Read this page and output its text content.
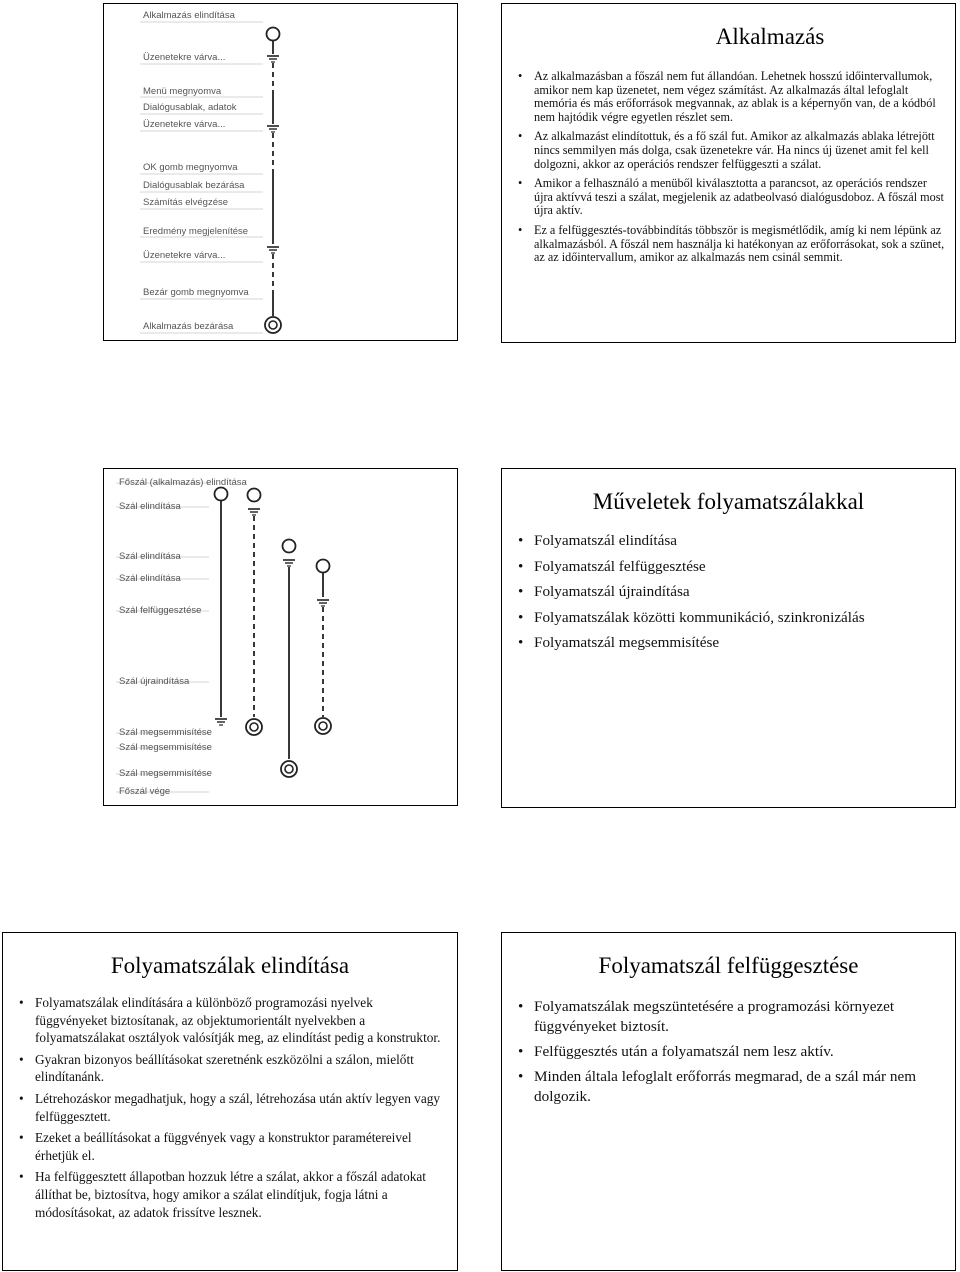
Alkalmazás elindítása
Üzenetekre várva...
Menü megnyomva
Dialógusablak, adatok
Üzenetekre várva...
OK gomb megnyomva
Dialógusablak bezárása
Számítás elvégzése
Eredmény megjelenítése
Üzenetekre várva...
Bezár gomb megnyomva
Alkalmazás bezárása
Alkalmazás
• Az alkalmazásban a főszál nem fut állandóan. Lehetnek hosszú időintervallumok, amikor nem kap üzenetet, nem végez számítást. Az alkalmazás által lefoglalt memória és más erőforrások megvannak, az ablak is a képernyőn van, de a kódból nem hajtódik végre egyetlen részlet sem.
• Az alkalmazást elindítottuk, és a fő szál fut. Amikor az alkalmazás ablaka létrejött nincs semmilyen más dolga, csak üzenetekre vár. Ha nincs új üzenet amit fel kell dolgozni, akkor az operációs rendszer felfüggeszti a szálat.
• Amikor a felhasználó a menüből kiválasztotta a parancsot, az operációs rendszer újra aktívvá teszi a szálat, megjelenik az adatbeolvasó dialógusdoboz. A főszál most újra aktív.
• Ez a felfüggesztés-továbbindítás többször is megismétlődik, amíg ki nem lépünk az alkalmazásból. A főszál nem használja ki hatékonyan az erőforrásokat, sok a szünet, az az időintervallum, amikor az alkalmazás nem csinál semmit.
Főszál (alkalmazás) elindítása
Szál elindítása
Szál elindítása
Szál elindítása
Szál felfüggesztése
Szál újraindítása
Szál megsemmisítése
Szál megsemmisítése
Szál megsemmisítése
Főszál vége
Műveletek folyamatszálakkal
• Folyamatszál elindítása
• Folyamatszál felfüggesztése
• Folyamatszál újraindítása
• Folyamatszálak közötti kommunikáció, szinkronizálás
• Folyamatszál megsemmisítése
Folyamatszálak elindítása
• Folyamatszálak elindítására a különböző programozási nyelvek függvényeket biztosítanak, az objektumorientált nyelvekben a folyamatszálakat osztályok valósítják meg, az elindítást pedig a konstruktor.
• Gyakran bizonyos beállításokat szeretnénk eszközölni a szálon, mielőtt elindítanánk.
• Létrehozáskor megadhatjuk, hogy a szál, létrehozása után aktív legyen vagy felfüggesztett.
• Ezeket a beállításokat a függvények vagy a konstruktor paramétereivel érhetjük el.
• Ha felfüggesztett állapotban hozzuk létre a szálat, akkor a főszál adatokat állíthat be, biztosítva, hogy amikor a szálat elindítjuk, fogja látni a módosításokat, az adatok frissítve lesznek.
Folyamatszál felfüggesztése
• Folyamatszálak megszüntetésére a programozási környezet függvényeket biztosít.
• Felfüggesztés után a folyamatszál nem lesz aktív.
• Minden általa lefoglalt erőforrás megmarad, de a szál már nem dolgozik.
